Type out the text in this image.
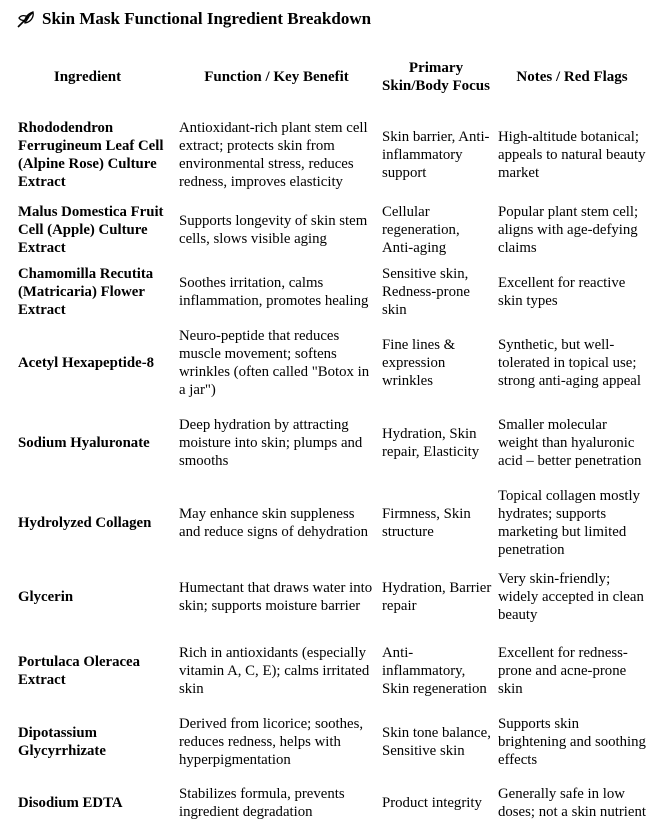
Skin Mask Functional Ingredient Breakdown
Ingredient	Function / Key Benefit	Primary Skin/Body Focus	Notes / Red Flags
Rhododendron Ferrugineum Leaf Cell (Alpine Rose) Culture Extract	Antioxidant-rich plant stem cell extract; protects skin from environmental stress, reduces redness, improves elasticity	Skin barrier, Anti-inflammatory support	High-altitude botanical; appeals to natural beauty market
Malus Domestica Fruit Cell (Apple) Culture Extract	Supports longevity of skin stem cells, slows visible aging	Cellular regeneration, Anti-aging	Popular plant stem cell; aligns with age-defying claims
Chamomilla Recutita (Matricaria) Flower Extract	Soothes irritation, calms inflammation, promotes healing	Sensitive skin, Redness-prone skin	Excellent for reactive skin types
Acetyl Hexapeptide-8	Neuro-peptide that reduces muscle movement; softens wrinkles (often called "Botox in a jar")	Fine lines & expression wrinkles	Synthetic, but well-tolerated in topical use; strong anti-aging appeal
Sodium Hyaluronate	Deep hydration by attracting moisture into skin; plumps and smooths	Hydration, Skin repair, Elasticity	Smaller molecular weight than hyaluronic acid – better penetration
Hydrolyzed Collagen	May enhance skin suppleness and reduce signs of dehydration	Firmness, Skin structure	Topical collagen mostly hydrates; supports marketing but limited penetration
Glycerin	Humectant that draws water into skin; supports moisture barrier	Hydration, Barrier repair	Very skin-friendly; widely accepted in clean beauty
Portulaca Oleracea Extract	Rich in antioxidants (especially vitamin A, C, E); calms irritated skin	Anti-inflammatory, Skin regeneration	Excellent for redness-prone and acne-prone skin
Dipotassium Glycyrrhizate	Derived from licorice; soothes, reduces redness, helps with hyperpigmentation	Skin tone balance, Sensitive skin	Supports skin brightening and soothing effects
Disodium EDTA	Stabilizes formula, prevents ingredient degradation	Product integrity	Generally safe in low doses; not a skin nutrient
